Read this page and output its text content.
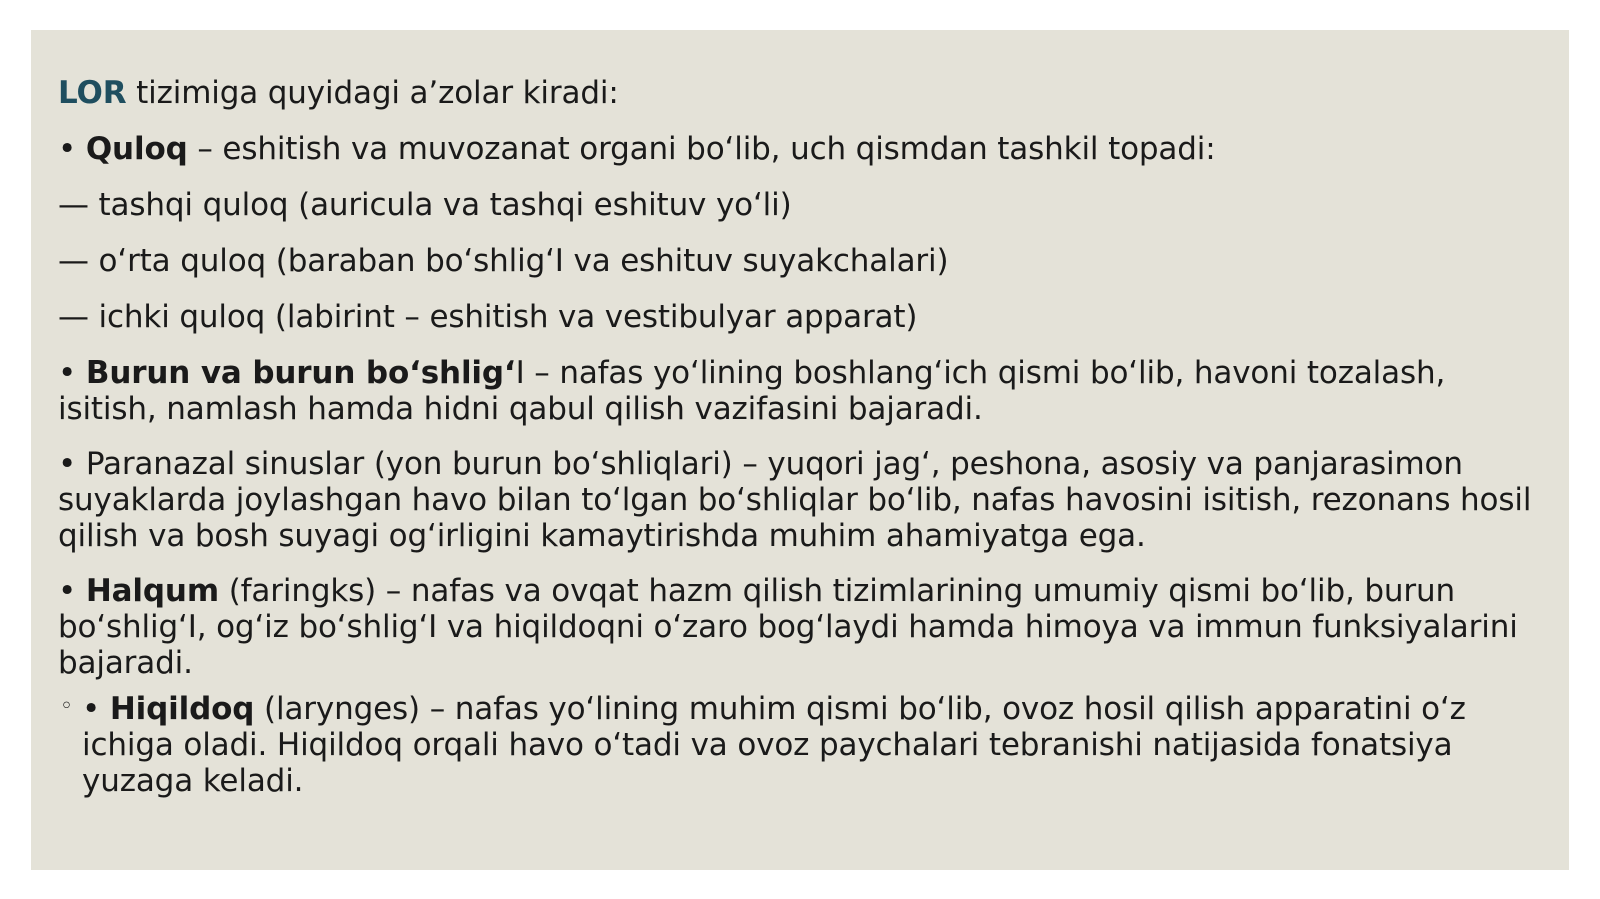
LOR tizimiga quyidagi a’zolar kiradi:
• Quloq – eshitish va muvozanat organi bo‘lib, uch qismdan tashkil topadi:
— tashqi quloq (auricula va tashqi eshituv yo‘li)
— o‘rta quloq (baraban bo‘shlig‘I va eshituv suyakchalari)
— ichki quloq (labirint – eshitish va vestibulyar apparat)
• Burun va burun bo‘shlig‘I – nafas yo‘lining boshlang‘ich qismi bo‘lib, havoni tozalash, isitish, namlash hamda hidni qabul qilish vazifasini bajaradi.
• Paranazal sinuslar (yon burun bo‘shliqlari) – yuqori jag‘, peshona, asosiy va panjarasimon suyaklarda joylashgan havo bilan to‘lgan bo‘shliqlar bo‘lib, nafas havosini isitish, rezonans hosil qilish va bosh suyagi og‘irligini kamaytirishda muhim ahamiyatga ega.
• Halqum (faringks) – nafas va ovqat hazm qilish tizimlarining umumiy qismi bo‘lib, burun bo‘shlig‘I, og‘iz bo‘shlig‘I va hiqildoqni o‘zaro bog‘laydi hamda himoya va immun funksiyalarini bajaradi.
◦ • Hiqildoq (larynges) – nafas yo‘lining muhim qismi bo‘lib, ovoz hosil qilish apparatini o‘z ichiga oladi. Hiqildoq orqali havo o‘tadi va ovoz paychalari tebranishi natijasida fonatsiya yuzaga keladi.
